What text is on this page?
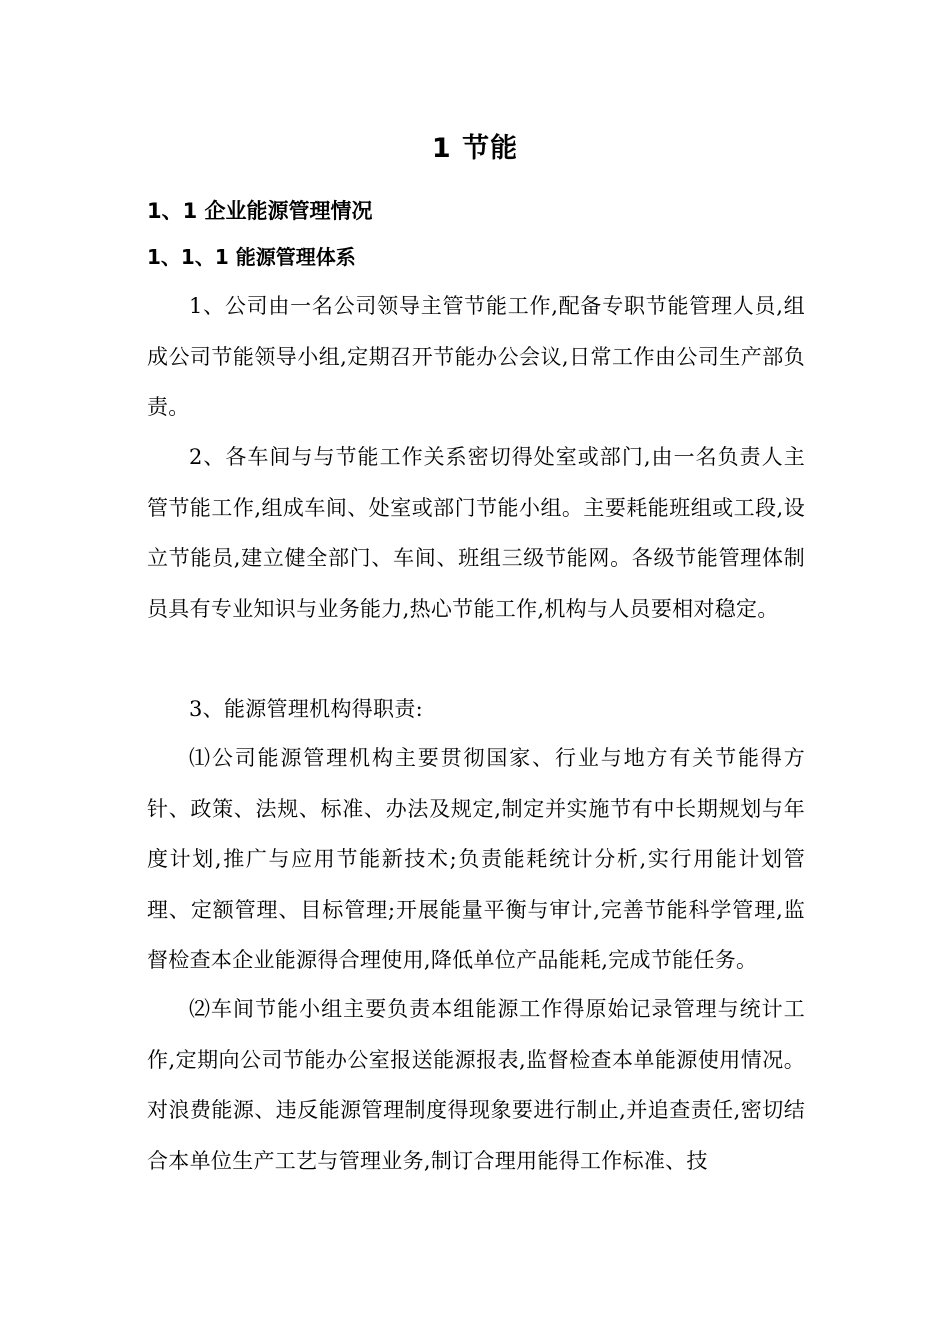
1 节能
1、1 企业能源管理情况
1、1、1 能源管理体系

1、公司由一名公司领导主管节能工作,配备专职节能管理人员,组成公司节能领导小组,定期召开节能办公会议,日常工作由公司生产部负责。

2、各车间与与节能工作关系密切得处室或部门,由一名负责人主管节能工作,组成车间、处室或部门节能小组。主要耗能班组或工段,设立节能员,建立健全部门、车间、班组三级节能网。各级节能管理体制员具有专业知识与业务能力,热心节能工作,机构与人员要相对稳定。

3、能源管理机构得职责:

⑴公司能源管理机构主要贯彻国家、行业与地方有关节能得方针、政策、法规、标准、办法及规定,制定并实施节有中长期规划与年度计划,推广与应用节能新技术;负责能耗统计分析,实行用能计划管理、定额管理、目标管理;开展能量平衡与审计,完善节能科学管理,监督检查本企业能源得合理使用,降低单位产品能耗,完成节能任务。

⑵车间节能小组主要负责本组能源工作得原始记录管理与统计工作,定期向公司节能办公室报送能源报表,监督检查本单能源使用情况。对浪费能源、违反能源管理制度得现象要进行制止,并追查责任,密切结合本单位生产工艺与管理业务,制订合理用能得工作标准、技
